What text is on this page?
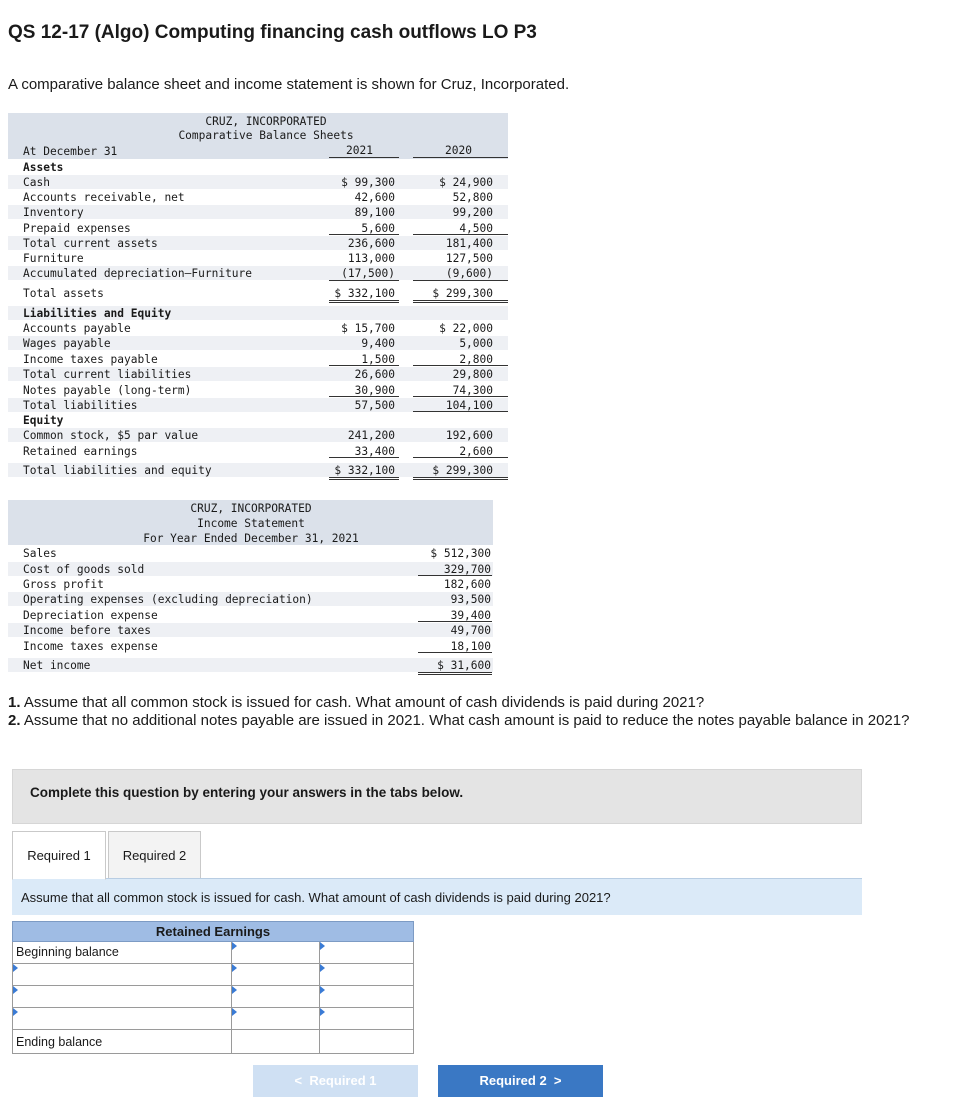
QS 12-17 (Algo) Computing financing cash outflows LO P3
A comparative balance sheet and income statement is shown for Cruz, Incorporated.
CRUZ, INCORPORATED
Comparative Balance Sheets
At December 31	2021	2020
Assets
Cash	$ 99,300	$ 24,900
Accounts receivable, net	42,600	52,800
Inventory	89,100	99,200
Prepaid expenses	5,600	4,500
Total current assets	236,600	181,400
Furniture	113,000	127,500
Accumulated depreciation—Furniture	(17,500)	(9,600)
Total assets	$ 332,100	$ 299,300
Liabilities and Equity
Accounts payable	$ 15,700	$ 22,000
Wages payable	9,400	5,000
Income taxes payable	1,500	2,800
Total current liabilities	26,600	29,800
Notes payable (long-term)	30,900	74,300
Total liabilities	57,500	104,100
Equity
Common stock, $5 par value	241,200	192,600
Retained earnings	33,400	2,600
Total liabilities and equity	$ 332,100	$ 299,300
CRUZ, INCORPORATED
Income Statement
For Year Ended December 31, 2021
Sales	$ 512,300
Cost of goods sold	329,700
Gross profit	182,600
Operating expenses (excluding depreciation)	93,500
Depreciation expense	39,400
Income before taxes	49,700
Income taxes expense	18,100
Net income	$ 31,600
1. Assume that all common stock is issued for cash. What amount of cash dividends is paid during 2021?
2. Assume that no additional notes payable are issued in 2021. What cash amount is paid to reduce the notes payable balance in 2021?
Complete this question by entering your answers in the tabs below.
Required 1	Required 2
Assume that all common stock is issued for cash. What amount of cash dividends is paid during 2021?
Retained Earnings
Beginning balance
Ending balance
< Required 1	Required 2 >
